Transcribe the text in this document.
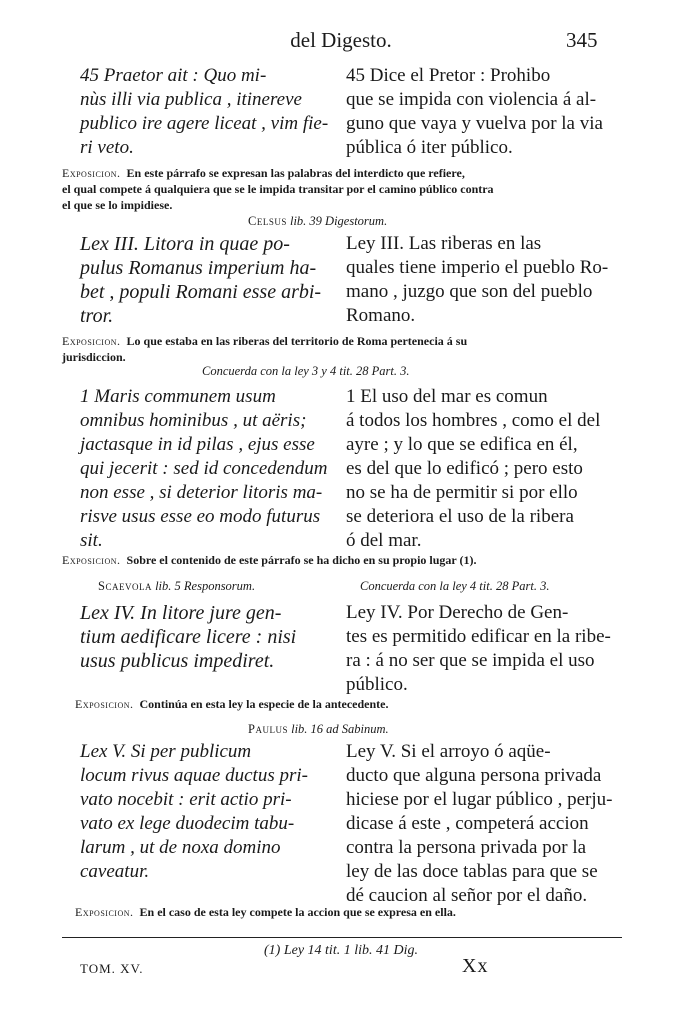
del Digesto.	345
45 Praetor ait : Quo mi-
nùs illi via publica , itinereve
publico ire agere liceat , vim fie-
ri veto.
45 Dice el Pretor : Prohibo
que se impida con violencia á al-
guno que vaya y vuelva por la via
pública ó iter público.
Exposicion. En este párrafo se expresan las palabras del interdicto que refiere,
el qual compete á qualquiera que se le impida transitar por el camino público contra
el que se lo impidiese.
Celsus lib. 39 Digestorum.
Lex III. Litora in quae po-
pulus Romanus imperium ha-
bet , populi Romani esse arbi-
tror.
Ley III. Las riberas en las
quales tiene imperio el pueblo Ro-
mano , juzgo que son del pueblo
Romano.
Exposicion. Lo que estaba en las riberas del territorio de Roma pertenecia á su
jurisdiccion.
Concuerda con la ley 3 y 4 tit. 28 Part. 3.
1 Maris communem usum
omnibus hominibus , ut aëris;
jactasque in id pilas , ejus esse
qui jecerit : sed id concedendum
non esse , si deterior litoris ma-
risve usus esse eo modo futurus
sit.
1 El uso del mar es comun
á todos los hombres , como el del
ayre ; y lo que se edifica en él,
es del que lo edificó ; pero esto
no se ha de permitir si por ello
se deteriora el uso de la ribera
ó del mar.
Exposicion. Sobre el contenido de este párrafo se ha dicho en su propio lugar (1).
Scaevola lib. 5 Responsorum.	Concuerda con la ley 4 tit. 28 Part. 3.
Lex IV. In litore jure gen-
tium aedificare licere : nisi
usus publicus impediret.
Ley IV. Por Derecho de Gen-
tes es permitido edificar en la ribe-
ra : á no ser que se impida el uso
público.
Exposicion. Continúa en esta ley la especie de la antecedente.
Paulus lib. 16 ad Sabinum.
Lex V. Si per publicum
locum rivus aquae ductus pri-
vato nocebit : erit actio pri-
vato ex lege duodecim tabu-
larum , ut de noxa domino
caveatur.
Ley V. Si el arroyo ó aqüe-
ducto que alguna persona privada
hiciese por el lugar público , perju-
dicase á este , competerá accion
contra la persona privada por la
ley de las doce tablas para que se
dé caucion al señor por el daño.
Exposicion. En el caso de esta ley compete la accion que se expresa en ella.
(1) Ley 14 tit. 1 lib. 41 Dig.
TOM. XV.	Xx
